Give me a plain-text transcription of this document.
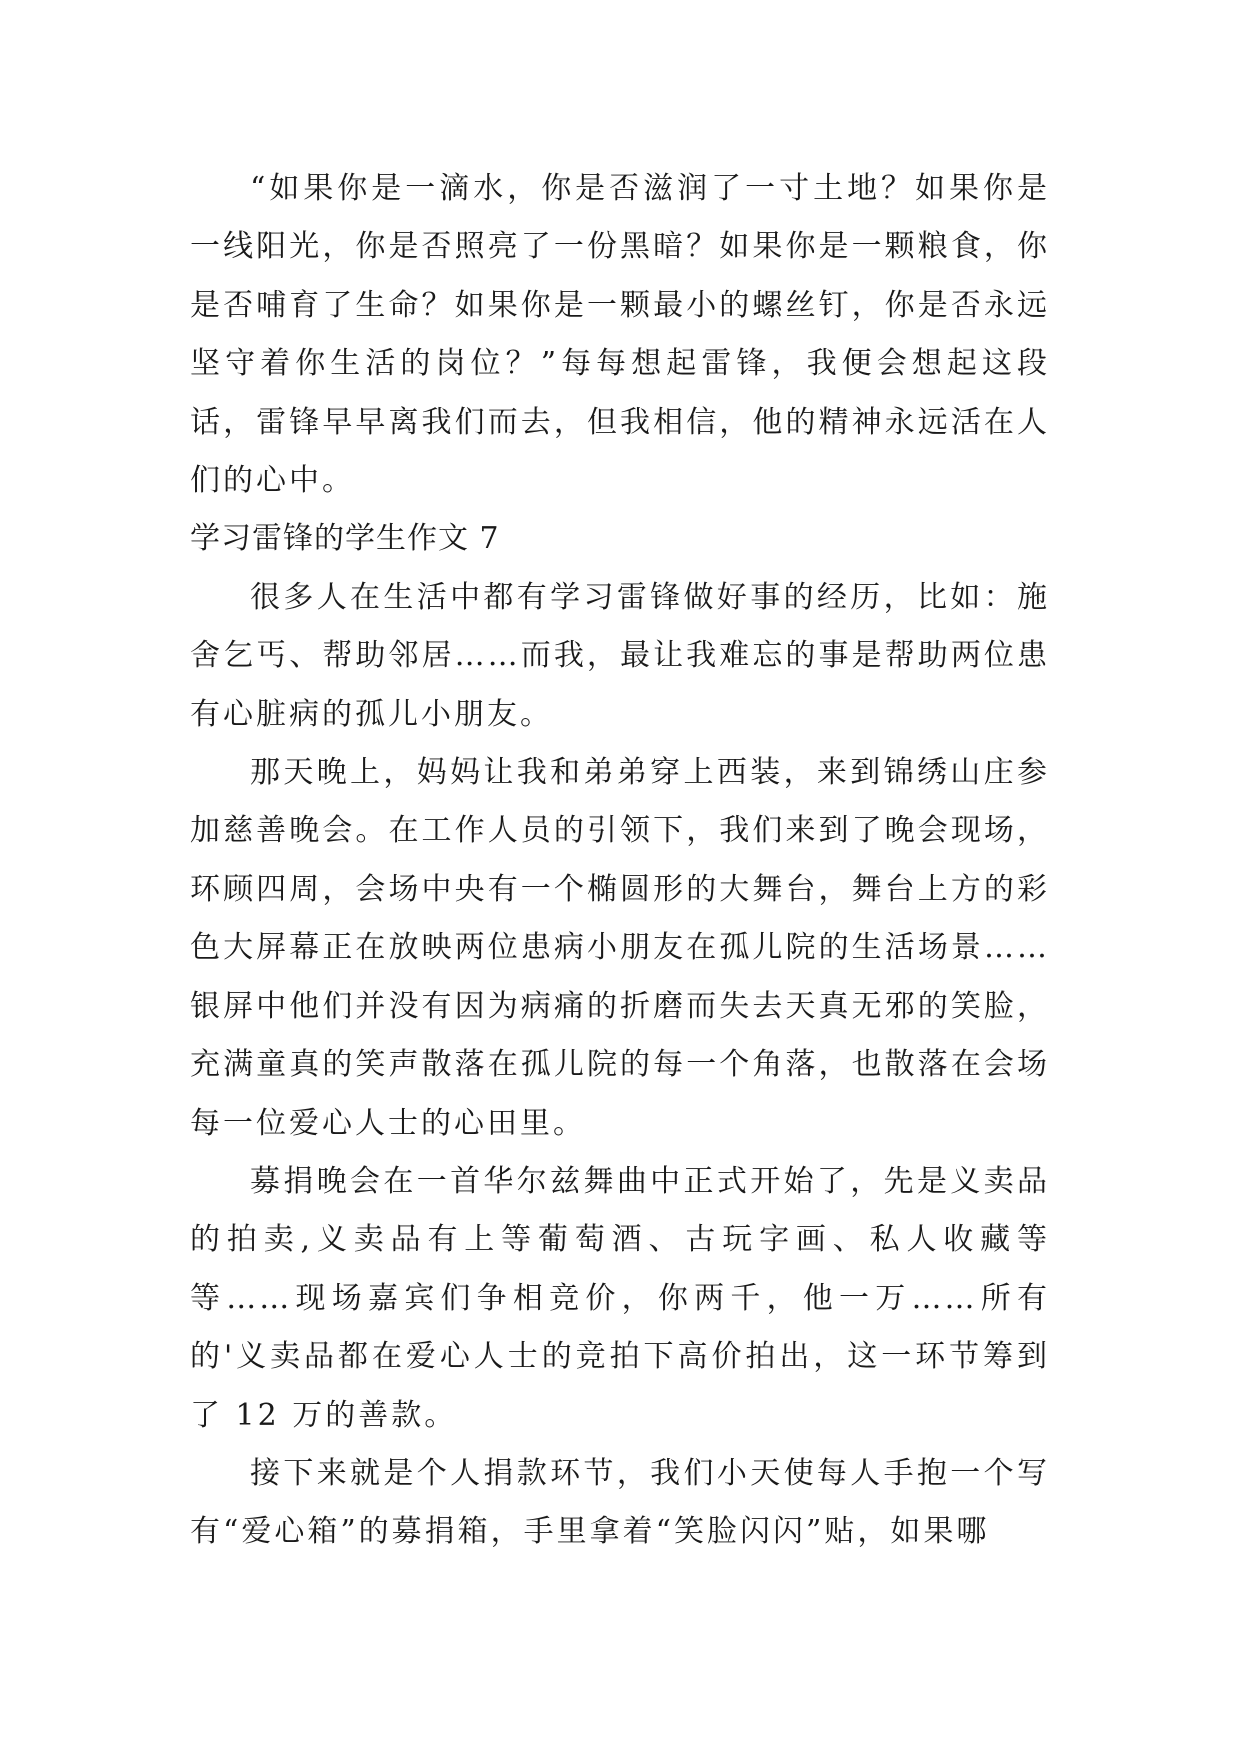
“如果你是一滴水，你是否滋润了一寸土地？如果你是一线阳光，你是否照亮了一份黑暗？如果你是一颗粮食，你是否哺育了生命？如果你是一颗最小的螺丝钉，你是否永远坚守着你生活的岗位？”每每想起雷锋，我便会想起这段话，雷锋早早离我们而去，但我相信，他的精神永远活在人们的心中。

学习雷锋的学生作文 7

很多人在生活中都有学习雷锋做好事的经历，比如：施舍乞丐、帮助邻居……而我，最让我难忘的事是帮助两位患有心脏病的孤儿小朋友。

那天晚上，妈妈让我和弟弟穿上西装，来到锦绣山庄参加慈善晚会。在工作人员的引领下，我们来到了晚会现场，环顾四周，会场中央有一个椭圆形的大舞台，舞台上方的彩色大屏幕正在放映两位患病小朋友在孤儿院的生活场景……银屏中他们并没有因为病痛的折磨而失去天真无邪的笑脸，充满童真的笑声散落在孤儿院的每一个角落，也散落在会场每一位爱心人士的心田里。

募捐晚会在一首华尔兹舞曲中正式开始了，先是义卖品的拍卖,义卖品有上等葡萄酒、古玩字画、私人收藏等等……现场嘉宾们争相竞价，你两千，他一万……所有的'义卖品都在爱心人士的竞拍下高价拍出，这一环节筹到了 12 万的善款。

接下来就是个人捐款环节，我们小天使每人手抱一个写有“爱心箱”的募捐箱，手里拿着“笑脸闪闪”贴，如果哪
